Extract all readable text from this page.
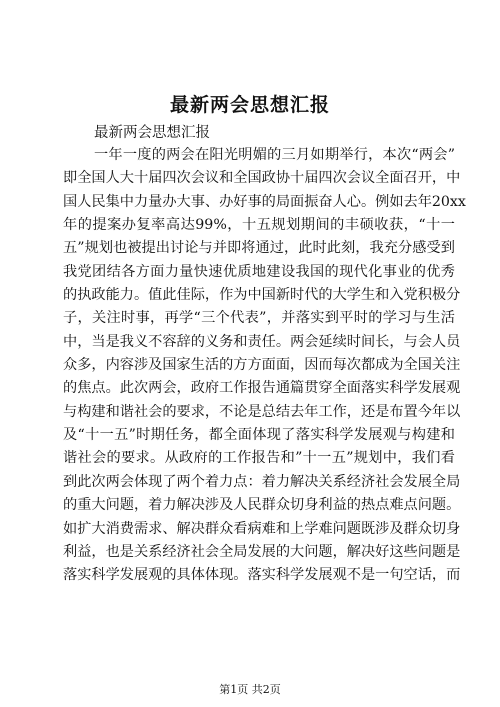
最新两会思想汇报

最新两会思想汇报

一年一度的两会在阳光明媚的三月如期举行，本次“两会”
即全国人大十届四次会议和全国政协十届四次会议全面召开，中
国人民集中力量办大事、办好事的局面振奋人心。例如去年20xx
年的提案办复率高达99%，十五规划期间的丰硕收获，“十一
五”规划也被提出讨论与并即将通过，此时此刻，我充分感受到
我党团结各方面力量快速优质地建设我国的现代化事业的优秀
的执政能力。值此佳际，作为中国新时代的大学生和入党积极分
子，关注时事，再学“三个代表”，并落实到平时的学习与生活
中，当是我义不容辞的义务和责任。两会延续时间长，与会人员
众多，内容涉及国家生活的方方面面，因而每次都成为全国关注
的焦点。此次两会，政府工作报告通篇贯穿全面落实科学发展观
与构建和谐社会的要求，不论是总结去年工作，还是布置今年以
及“十一五”时期任务，都全面体现了落实科学发展观与构建和
谐社会的要求。从政府的工作报告和”十一五”规划中，我们看
到此次两会体现了两个着力点：着力解决关系经济社会发展全局
的重大问题，着力解决涉及人民群众切身利益的热点难点问题。
如扩大消费需求、解决群众看病难和上学难问题既涉及群众切身
利益，也是关系经济社会全局发展的大问题，解决好这些问题是
落实科学发展观的具体体现。落实科学发展观不是一句空话，而

第1页 共2页
